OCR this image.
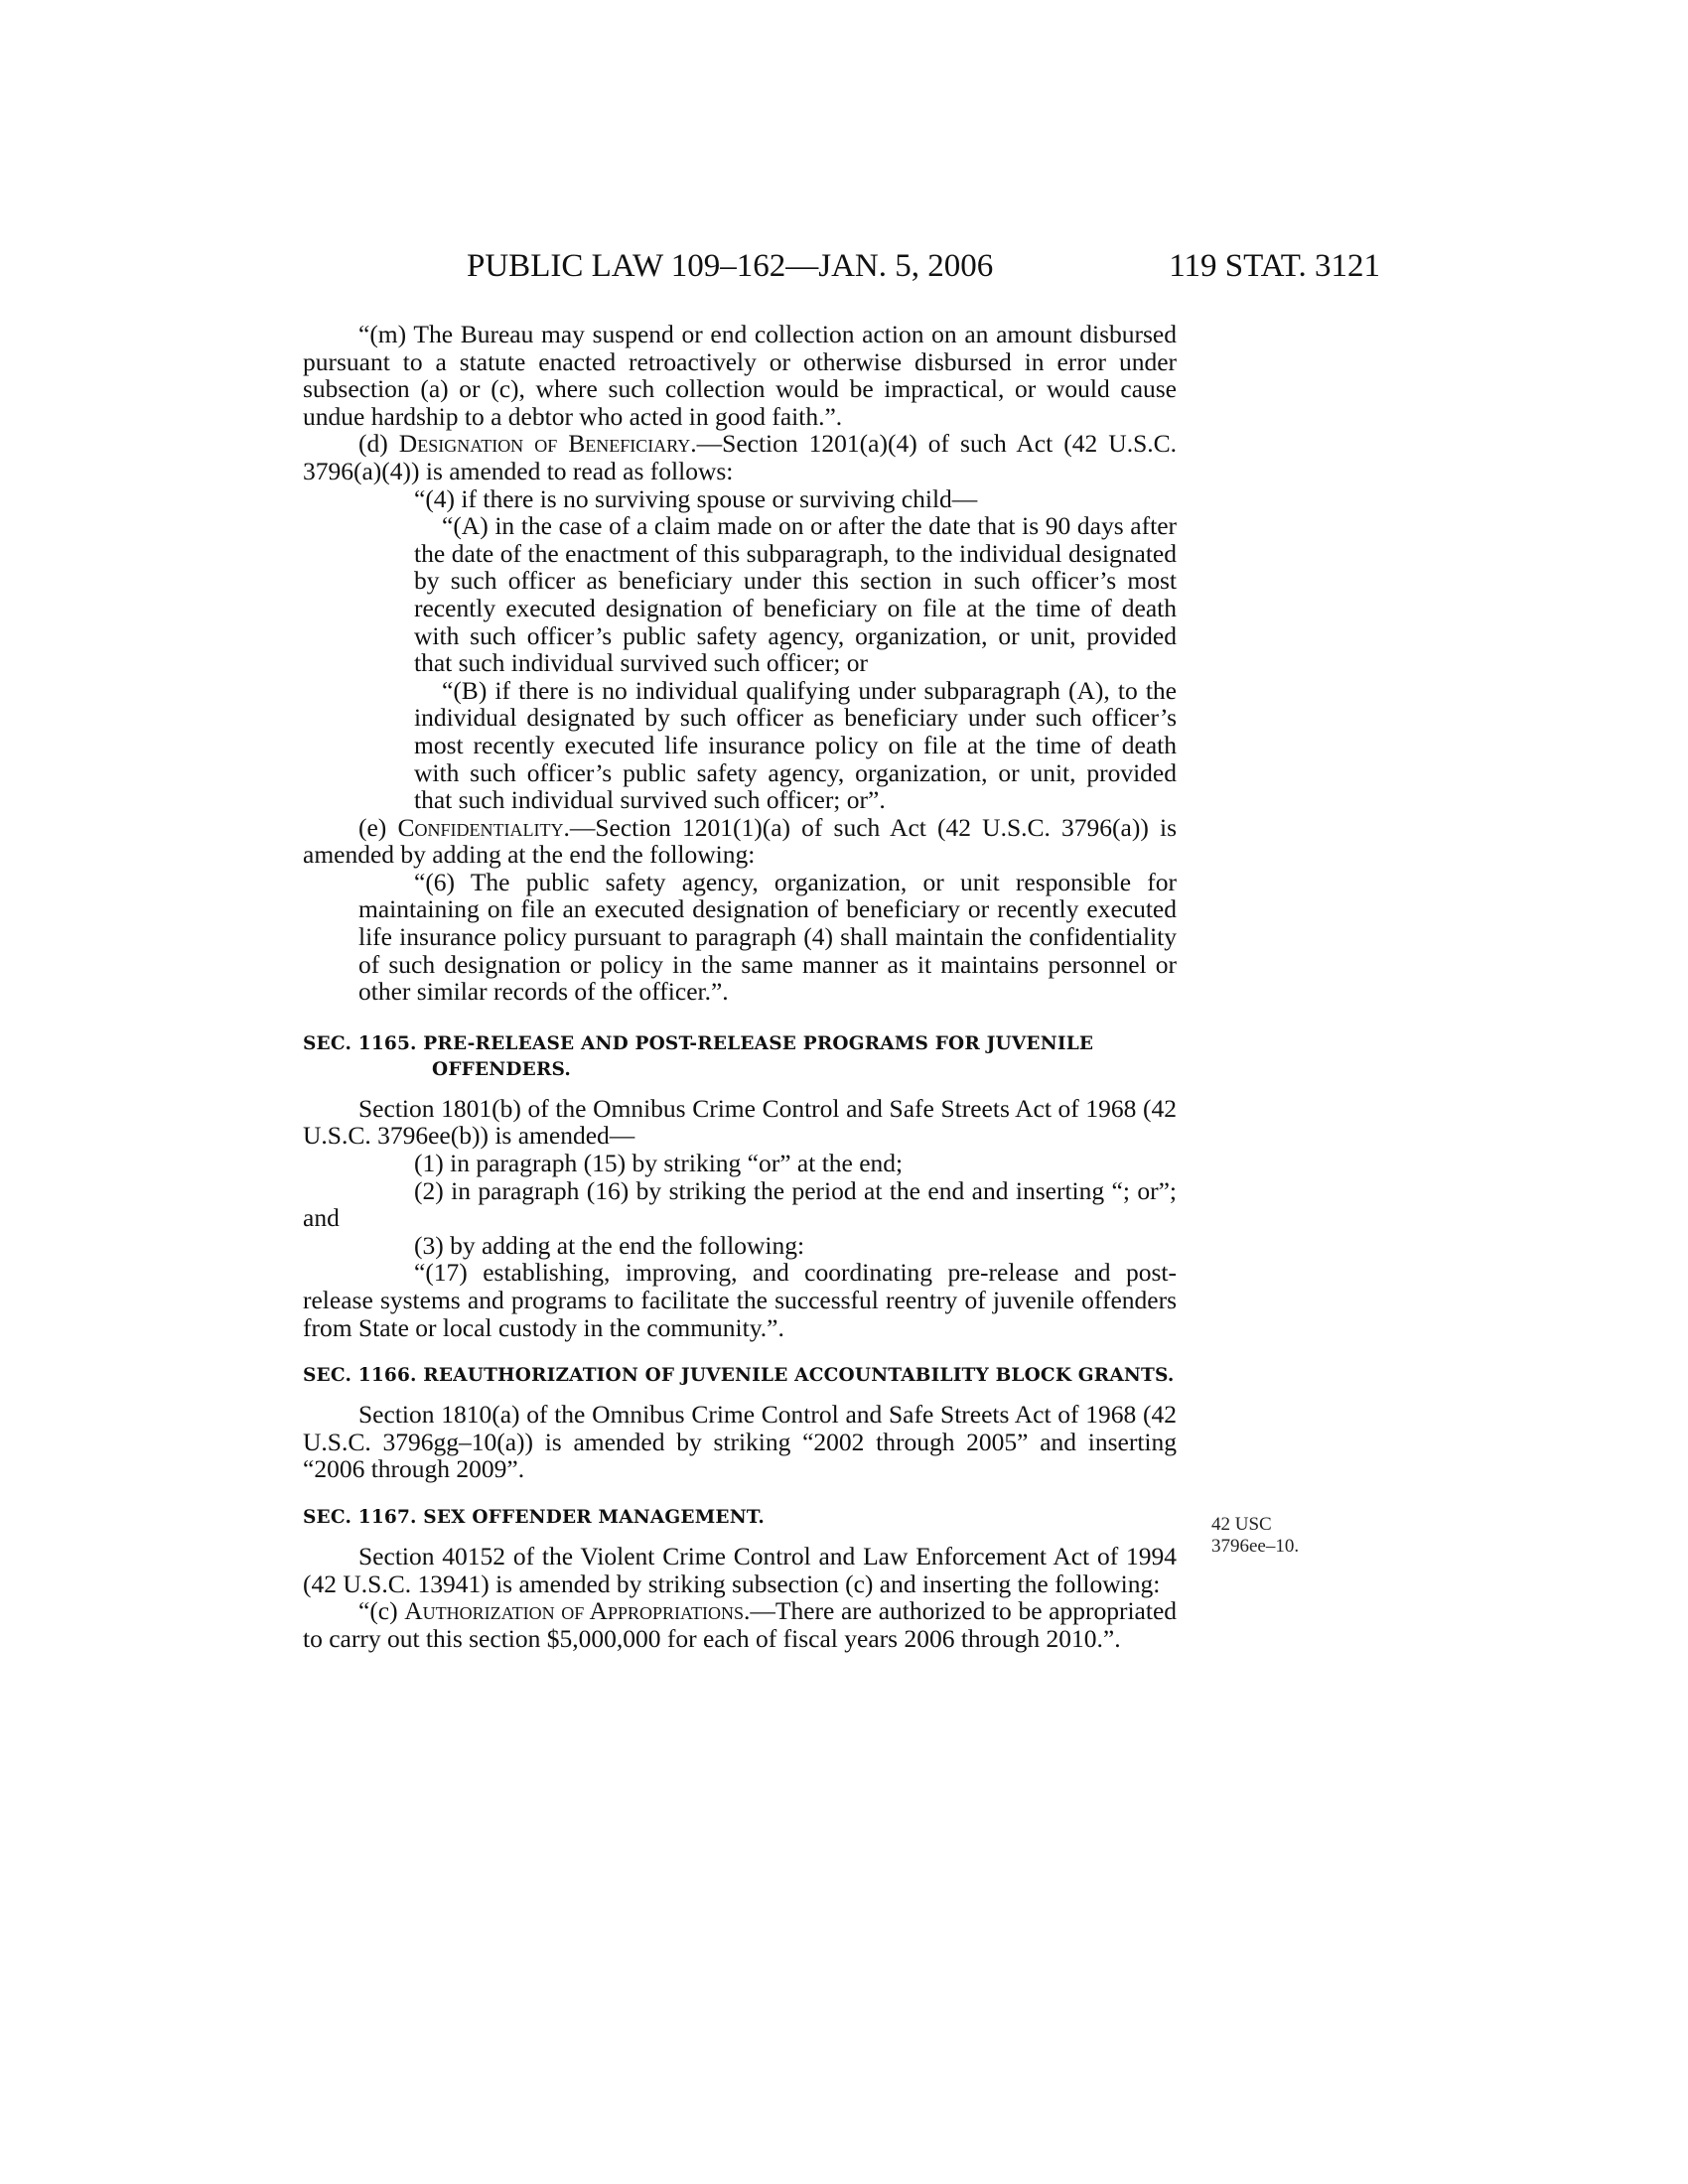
PUBLIC LAW 109–162—JAN. 5, 2006	119 STAT. 3121

“(m) The Bureau may suspend or end collection action on an amount disbursed pursuant to a statute enacted retroactively or otherwise disbursed in error under subsection (a) or (c), where such collection would be impractical, or would cause undue hardship to a debtor who acted in good faith.”.

(d) Designation of Beneficiary.—Section 1201(a)(4) of such Act (42 U.S.C. 3796(a)(4)) is amended to read as follows:

“(4) if there is no surviving spouse or surviving child—

“(A) in the case of a claim made on or after the date that is 90 days after the date of the enactment of this subparagraph, to the individual designated by such officer as beneficiary under this section in such officer’s most recently executed designation of beneficiary on file at the time of death with such officer’s public safety agency, organization, or unit, provided that such individual survived such officer; or

“(B) if there is no individual qualifying under subparagraph (A), to the individual designated by such officer as beneficiary under such officer’s most recently executed life insurance policy on file at the time of death with such officer’s public safety agency, organization, or unit, provided that such individual survived such officer; or”.

(e) Confidentiality.—Section 1201(1)(a) of such Act (42 U.S.C. 3796(a)) is amended by adding at the end the following:

“(6) The public safety agency, organization, or unit responsible for maintaining on file an executed designation of beneficiary or recently executed life insurance policy pursuant to paragraph (4) shall maintain the confidentiality of such designation or policy in the same manner as it maintains personnel or other similar records of the officer.”.

SEC. 1165. PRE-RELEASE AND POST-RELEASE PROGRAMS FOR JUVENILE OFFENDERS.

Section 1801(b) of the Omnibus Crime Control and Safe Streets Act of 1968 (42 U.S.C. 3796ee(b)) is amended—

(1) in paragraph (15) by striking “or” at the end;

(2) in paragraph (16) by striking the period at the end and inserting “; or”; and

(3) by adding at the end the following:

“(17) establishing, improving, and coordinating pre-release and post-release systems and programs to facilitate the successful reentry of juvenile offenders from State or local custody in the community.”.

SEC. 1166. REAUTHORIZATION OF JUVENILE ACCOUNTABILITY BLOCK GRANTS.

Section 1810(a) of the Omnibus Crime Control and Safe Streets Act of 1968 (42 U.S.C. 3796gg–10(a)) is amended by striking “2002 through 2005” and inserting “2006 through 2009”.

SEC. 1167. SEX OFFENDER MANAGEMENT.

Section 40152 of the Violent Crime Control and Law Enforcement Act of 1994 (42 U.S.C. 13941) is amended by striking subsection (c) and inserting the following:

“(c) Authorization of Appropriations.—There are authorized to be appropriated to carry out this section $5,000,000 for each of fiscal years 2006 through 2010.”.

42 USC
3796ee–10.
